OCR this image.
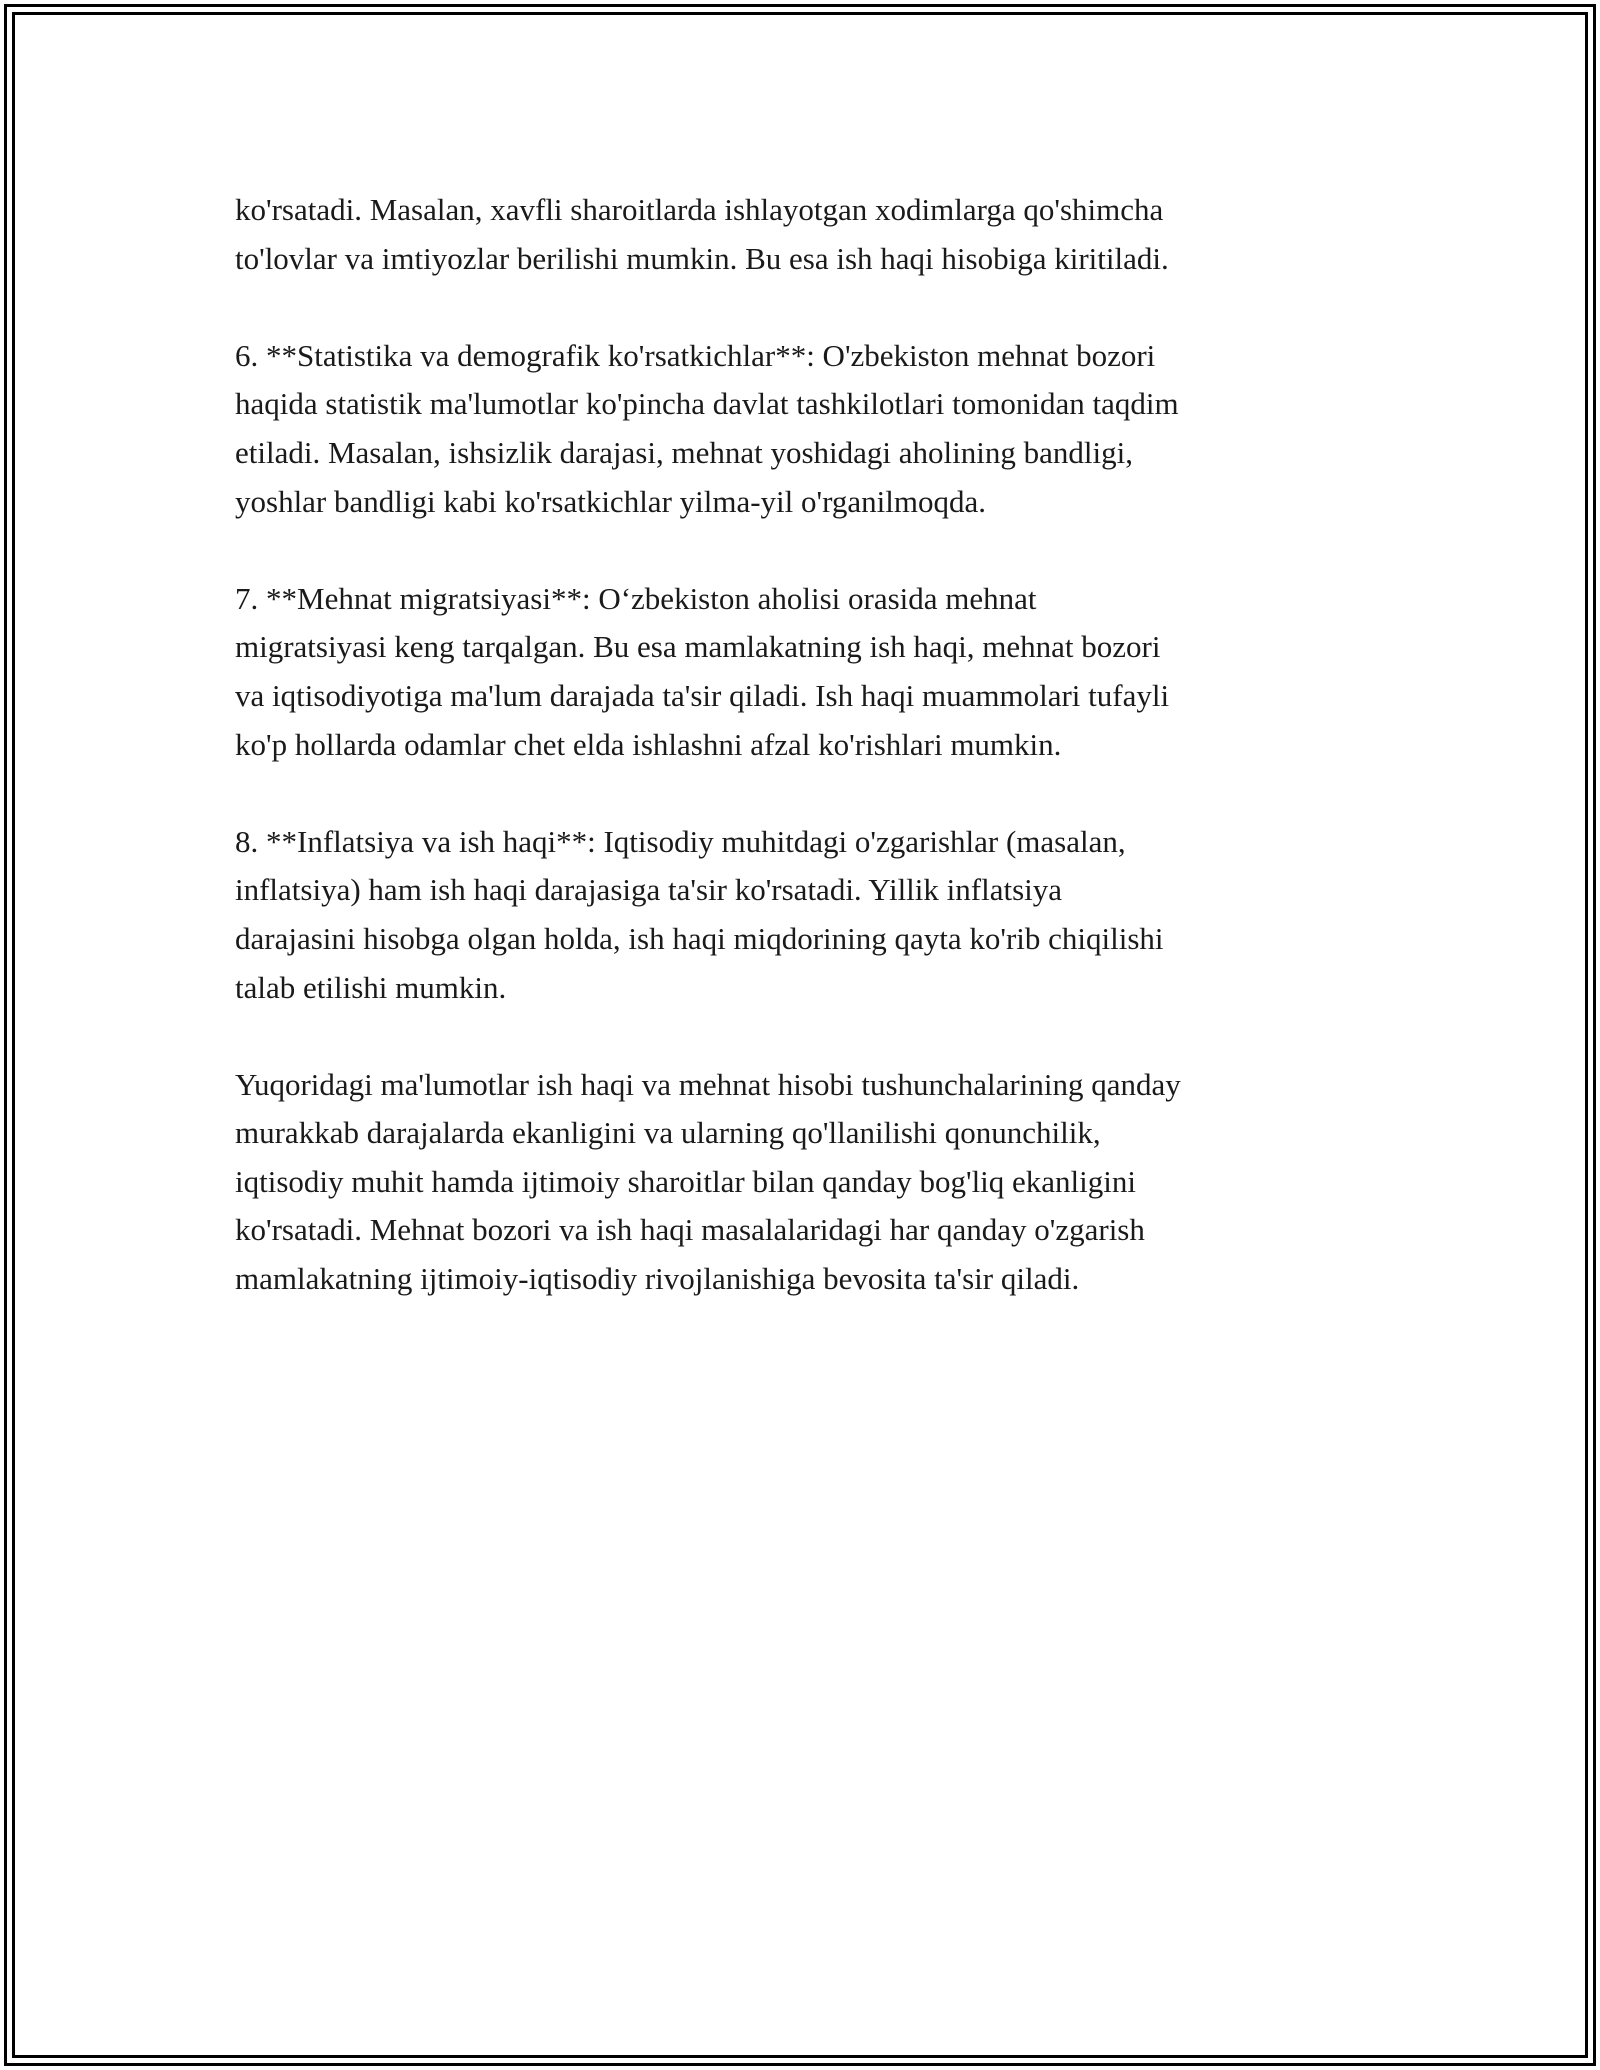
ko'rsatadi. Masalan, xavfli sharoitlarda ishlayotgan xodimlarga qo'shimcha
to'lovlar va imtiyozlar berilishi mumkin. Bu esa ish haqi hisobiga kiritiladi.

6. **Statistika va demografik ko'rsatkichlar**: O'zbekiston mehnat bozori
haqida statistik ma'lumotlar ko'pincha davlat tashkilotlari tomonidan taqdim
etiladi. Masalan, ishsizlik darajasi, mehnat yoshidagi aholining bandligi,
yoshlar bandligi kabi ko'rsatkichlar yilma-yil o'rganilmoqda.

7. **Mehnat migratsiyasi**: O‘zbekiston aholisi orasida mehnat
migratsiyasi keng tarqalgan. Bu esa mamlakatning ish haqi, mehnat bozori
va iqtisodiyotiga ma'lum darajada ta'sir qiladi. Ish haqi muammolari tufayli
ko'p hollarda odamlar chet elda ishlashni afzal ko'rishlari mumkin.

8. **Inflatsiya va ish haqi**: Iqtisodiy muhitdagi o'zgarishlar (masalan,
inflatsiya) ham ish haqi darajasiga ta'sir ko'rsatadi. Yillik inflatsiya
darajasini hisobga olgan holda, ish haqi miqdorining qayta ko'rib chiqilishi
talab etilishi mumkin.

Yuqoridagi ma'lumotlar ish haqi va mehnat hisobi tushunchalarining qanday
murakkab darajalarda ekanligini va ularning qo'llanilishi qonunchilik,
iqtisodiy muhit hamda ijtimoiy sharoitlar bilan qanday bog'liq ekanligini
ko'rsatadi. Mehnat bozori va ish haqi masalalaridagi har qanday o'zgarish
mamlakatning ijtimoiy-iqtisodiy rivojlanishiga bevosita ta'sir qiladi.
